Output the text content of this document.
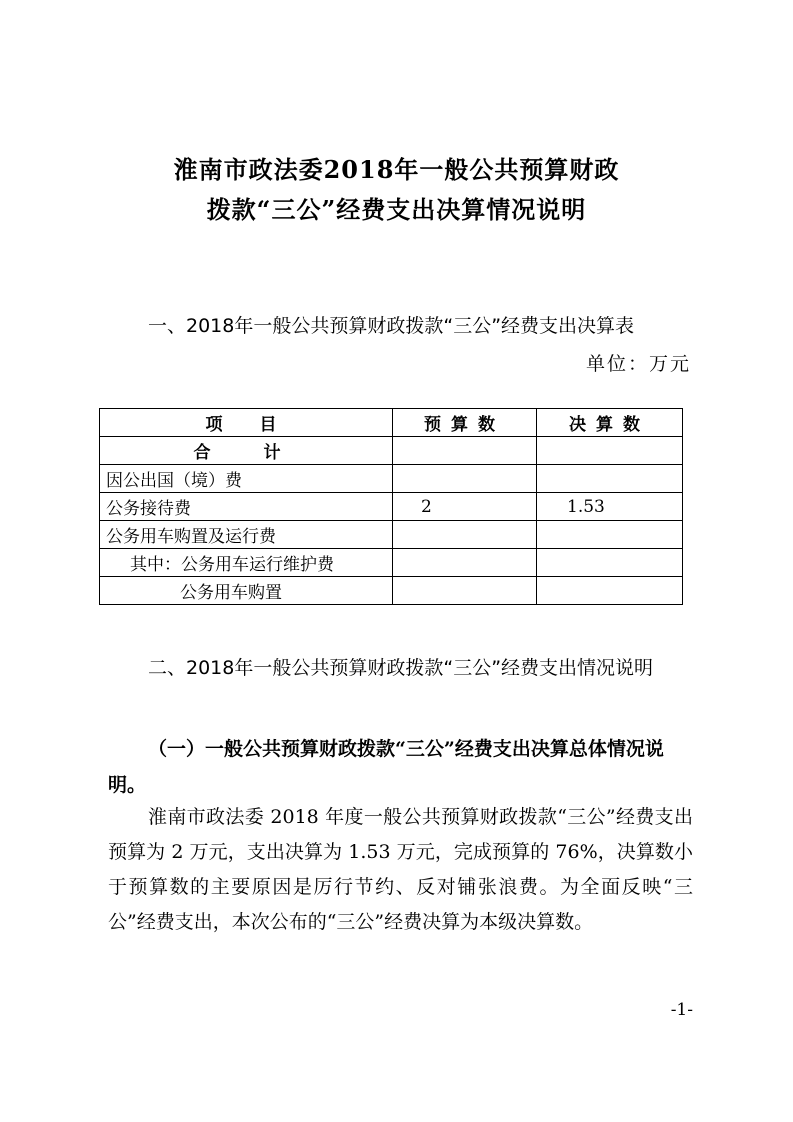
淮南市政法委2018年一般公共预算财政
拨款“三公”经费支出决算情况说明
一、2018年一般公共预算财政拨款“三公”经费支出决算表
单位：万元
项　目	预算数	决算数
合　计		
因公出国（境）费		
公务接待费	2	1.53
公务用车购置及运行费		
其中：公务用车运行维护费		
公务用车购置		
二、2018年一般公共预算财政拨款“三公”经费支出情况说明
（一）一般公共预算财政拨款“三公”经费支出决算总体情况说明。
淮南市政法委 2018 年度一般公共预算财政拨款“三公”经费支出预算为 2 万元，支出决算为 1.53 万元，完成预算的 76%，决算数小于预算数的主要原因是厉行节约、反对铺张浪费。为全面反映“三公”经费支出，本次公布的“三公”经费决算为本级决算数。
-1-
